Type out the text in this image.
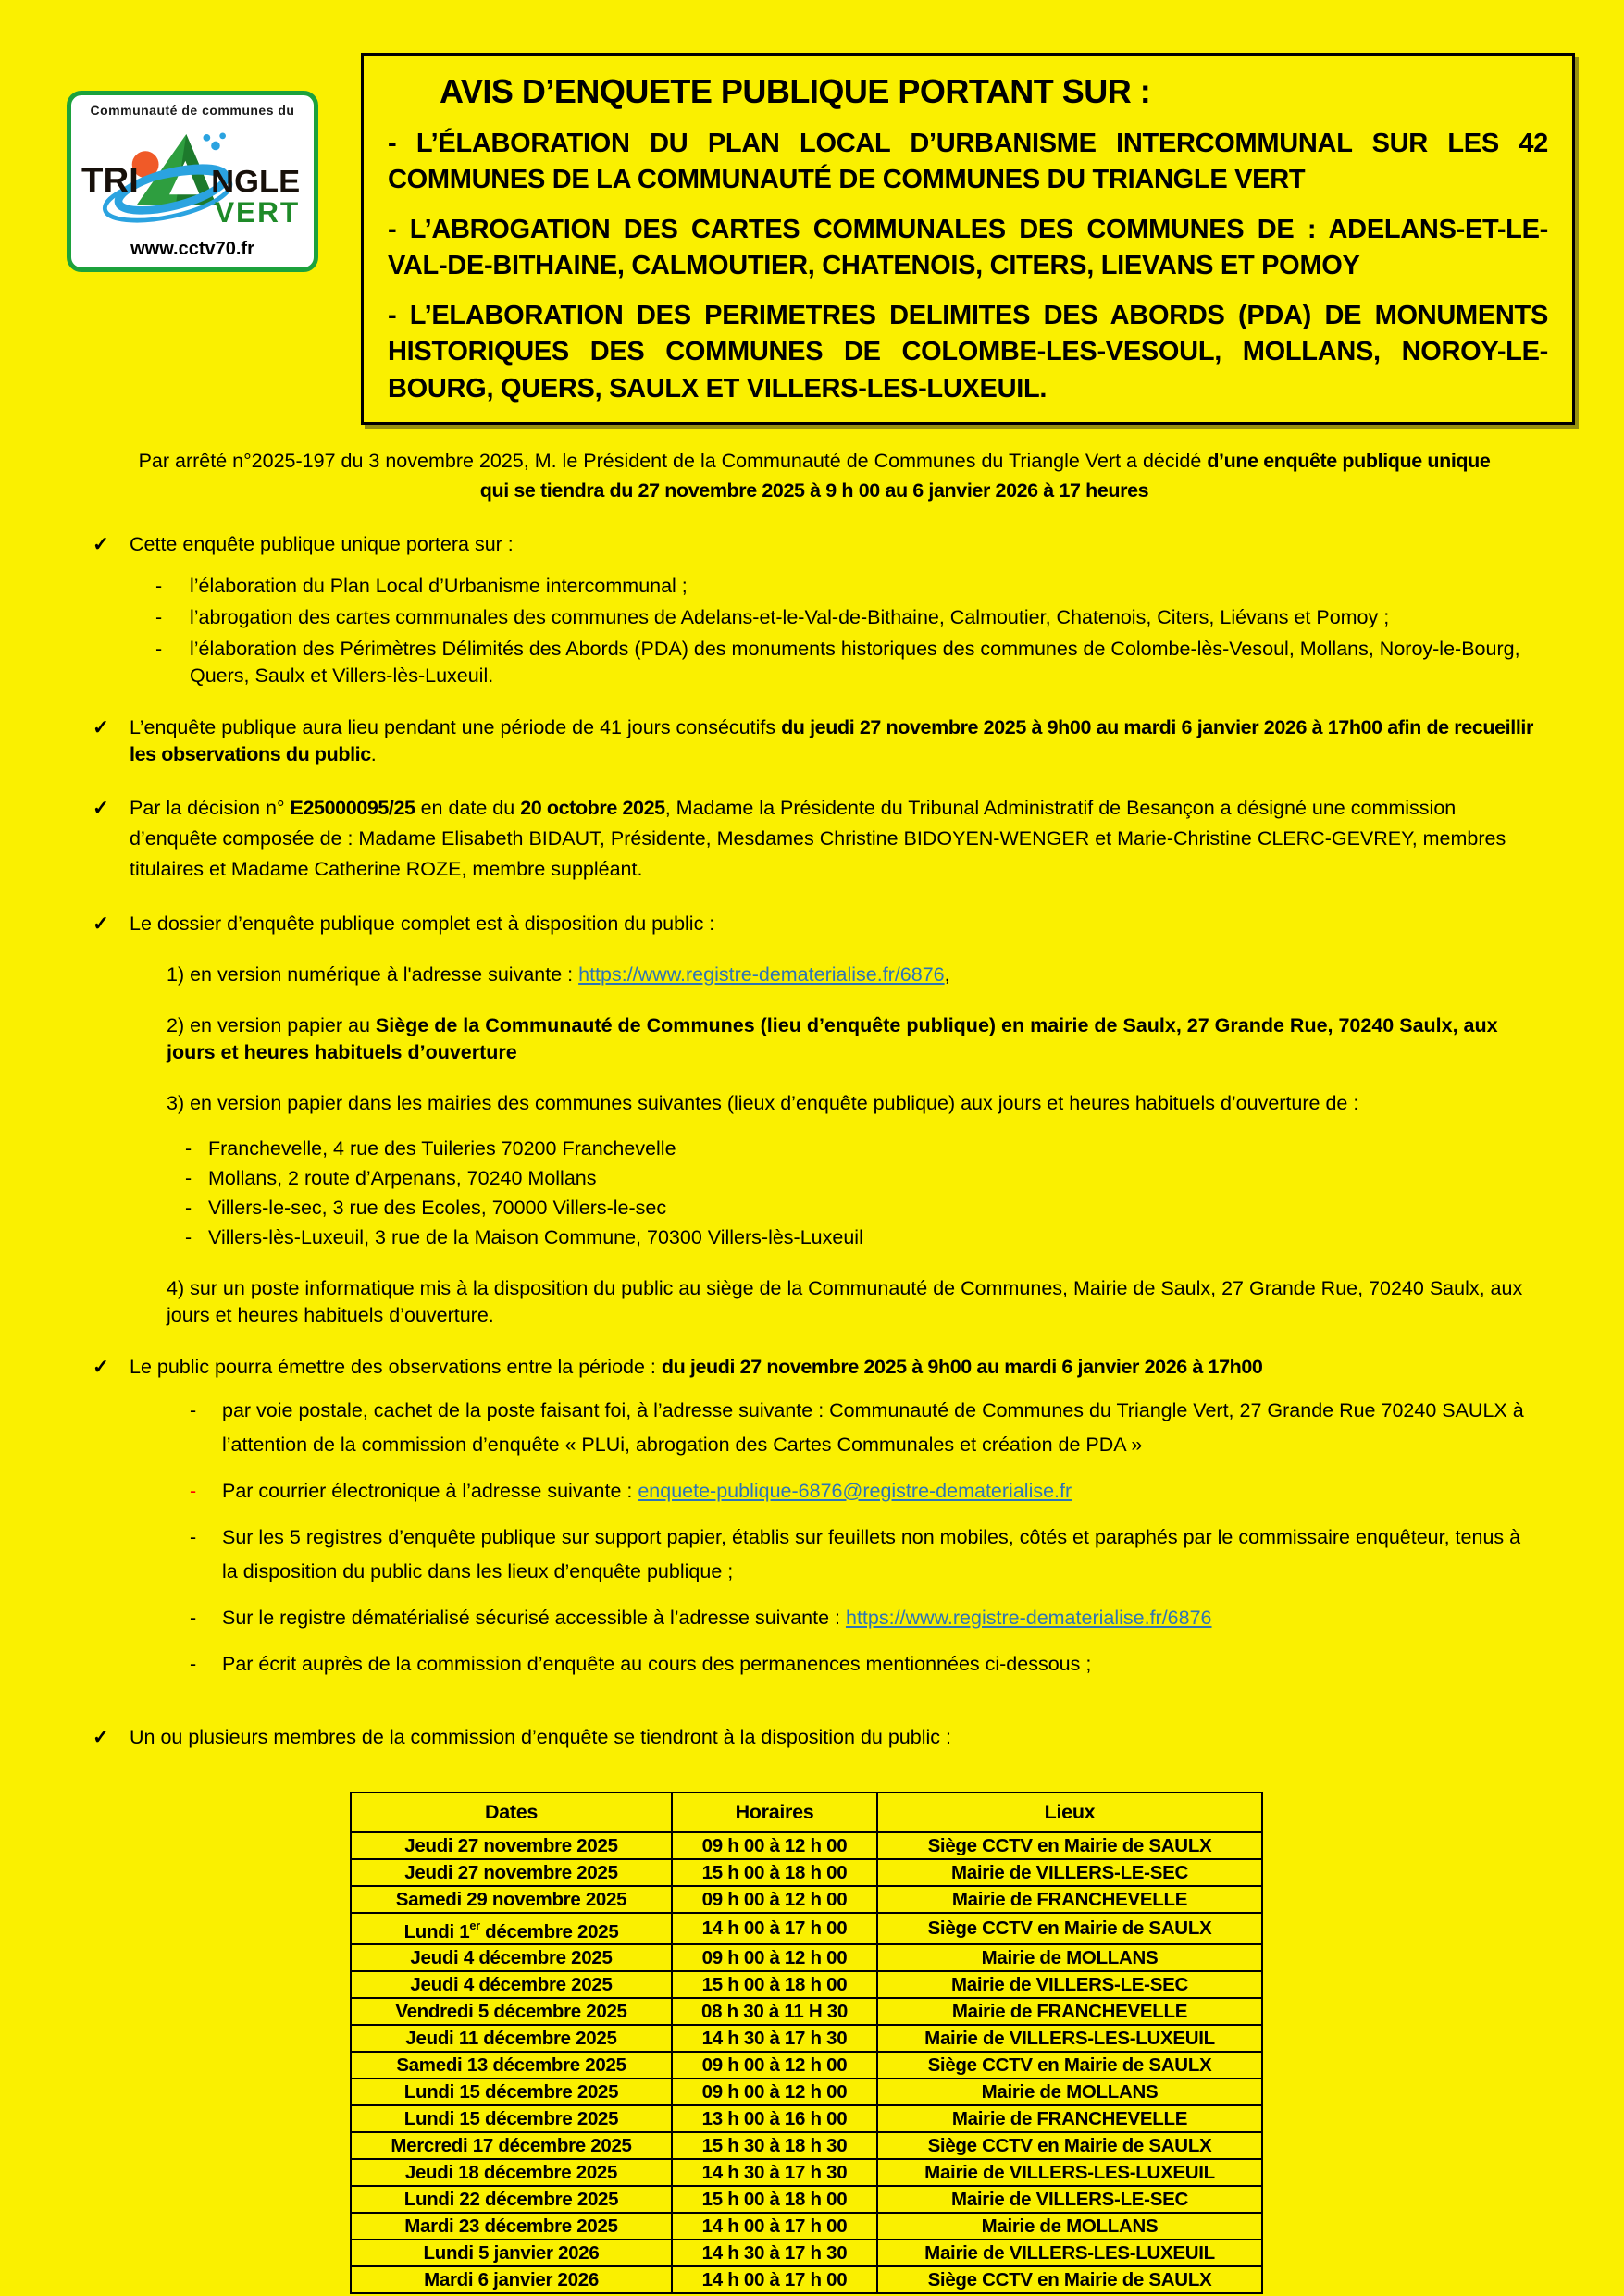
Communauté de communes du
TRI NGLE
VERT
www.cctv70.fr
AVIS D’ENQUETE PUBLIQUE PORTANT SUR :
- L’ÉLABORATION DU PLAN LOCAL D’URBANISME INTERCOMMUNAL SUR LES 42 COMMUNES DE LA COMMUNAUTÉ DE COMMUNES DU TRIANGLE VERT
- L’ABROGATION DES CARTES COMMUNALES DES COMMUNES DE : ADELANS-ET-LE-VAL-DE-BITHAINE, CALMOUTIER, CHATENOIS, CITERS, LIEVANS ET POMOY
- L’ELABORATION DES PERIMETRES DELIMITES DES ABORDS (PDA) DE MONUMENTS HISTORIQUES DES COMMUNES DE COLOMBE-LES-VESOUL, MOLLANS, NOROY-LE-BOURG, QUERS, SAULX ET VILLERS-LES-LUXEUIL.
Par arrêté n°2025-197 du 3 novembre 2025, M. le Président de la Communauté de Communes du Triangle Vert a décidé d’une enquête publique unique qui se tiendra du 27 novembre 2025 à 9 h 00 au 6 janvier 2026 à 17 heures
✓ Cette enquête publique unique portera sur :
- l’élaboration du Plan Local d’Urbanisme intercommunal ;
- l’abrogation des cartes communales des communes de Adelans-et-le-Val-de-Bithaine, Calmoutier, Chatenois, Citers, Liévans et Pomoy ;
- l’élaboration des Périmètres Délimités des Abords (PDA) des monuments historiques des communes de Colombe-lès-Vesoul, Mollans, Noroy-le-Bourg, Quers, Saulx et Villers-lès-Luxeuil.
✓ L’enquête publique aura lieu pendant une période de 41 jours consécutifs du jeudi 27 novembre 2025 à 9h00 au mardi 6 janvier 2026 à 17h00 afin de recueillir les observations du public.
✓ Par la décision n° E25000095/25 en date du 20 octobre 2025, Madame la Présidente du Tribunal Administratif de Besançon a désigné une commission d’enquête composée de : Madame Elisabeth BIDAUT, Présidente, Mesdames Christine BIDOYEN-WENGER et Marie-Christine CLERC-GEVREY, membres titulaires et Madame Catherine ROZE, membre suppléant.
✓ Le dossier d’enquête publique complet est à disposition du public :
1) en version numérique à l'adresse suivante : https://www.registre-dematerialise.fr/6876,
2) en version papier au Siège de la Communauté de Communes (lieu d’enquête publique) en mairie de Saulx, 27 Grande Rue, 70240 Saulx, aux jours et heures habituels d’ouverture
3) en version papier dans les mairies des communes suivantes (lieux d’enquête publique) aux jours et heures habituels d’ouverture de :
- Franchevelle, 4 rue des Tuileries 70200 Franchevelle
- Mollans, 2 route d’Arpenans, 70240 Mollans
- Villers-le-sec, 3 rue des Ecoles, 70000 Villers-le-sec
- Villers-lès-Luxeuil, 3 rue de la Maison Commune, 70300 Villers-lès-Luxeuil
4) sur un poste informatique mis à la disposition du public au siège de la Communauté de Communes, Mairie de Saulx, 27 Grande Rue, 70240 Saulx, aux jours et heures habituels d’ouverture.
✓ Le public pourra émettre des observations entre la période : du jeudi 27 novembre 2025 à 9h00 au mardi 6 janvier 2026 à 17h00
- par voie postale, cachet de la poste faisant foi, à l’adresse suivante : Communauté de Communes du Triangle Vert, 27 Grande Rue 70240 SAULX à l’attention de la commission d’enquête « PLUi, abrogation des Cartes Communales et création de PDA »
- Par courrier électronique à l’adresse suivante : enquete-publique-6876@registre-dematerialise.fr
- Sur les 5 registres d’enquête publique sur support papier, établis sur feuillets non mobiles, côtés et paraphés par le commissaire enquêteur, tenus à la disposition du public dans les lieux d’enquête publique ;
- Sur le registre dématérialisé sécurisé accessible à l’adresse suivante : https://www.registre-dematerialise.fr/6876
- Par écrit auprès de la commission d’enquête au cours des permanences mentionnées ci-dessous ;
✓ Un ou plusieurs membres de la commission d’enquête se tiendront à la disposition du public :
Dates	Horaires	Lieux
Jeudi 27 novembre 2025	09 h 00 à 12 h 00	Siège CCTV en Mairie de SAULX
Jeudi 27 novembre 2025	15 h 00 à 18 h 00	Mairie de VILLERS-LE-SEC
Samedi 29 novembre 2025	09 h 00 à 12 h 00	Mairie de FRANCHEVELLE
Lundi 1er décembre 2025	14 h 00 à 17 h 00	Siège CCTV en Mairie de SAULX
Jeudi 4 décembre 2025	09 h 00 à 12 h 00	Mairie de MOLLANS
Jeudi 4 décembre 2025	15 h 00 à 18 h 00	Mairie de VILLERS-LE-SEC
Vendredi 5 décembre 2025	08 h 30 à 11 H 30	Mairie de FRANCHEVELLE
Jeudi 11 décembre 2025	14 h 30 à 17 h 30	Mairie de VILLERS-LES-LUXEUIL
Samedi 13 décembre 2025	09 h 00 à 12 h 00	Siège CCTV en Mairie de SAULX
Lundi 15 décembre 2025	09 h 00 à 12 h 00	Mairie de MOLLANS
Lundi 15 décembre 2025	13 h 00 à 16 h 00	Mairie de FRANCHEVELLE
Mercredi 17 décembre 2025	15 h 30 à 18 h 30	Siège CCTV en Mairie de SAULX
Jeudi 18 décembre 2025	14 h 30 à 17 h 30	Mairie de VILLERS-LES-LUXEUIL
Lundi 22 décembre 2025	15 h 00 à 18 h 00	Mairie de VILLERS-LE-SEC
Mardi 23 décembre 2025	14 h 00 à 17 h 00	Mairie de MOLLANS
Lundi 5 janvier 2026	14 h 30 à 17 h 30	Mairie de VILLERS-LES-LUXEUIL
Mardi 6 janvier 2026	14 h 00 à 17 h 00	Siège CCTV en Mairie de SAULX
